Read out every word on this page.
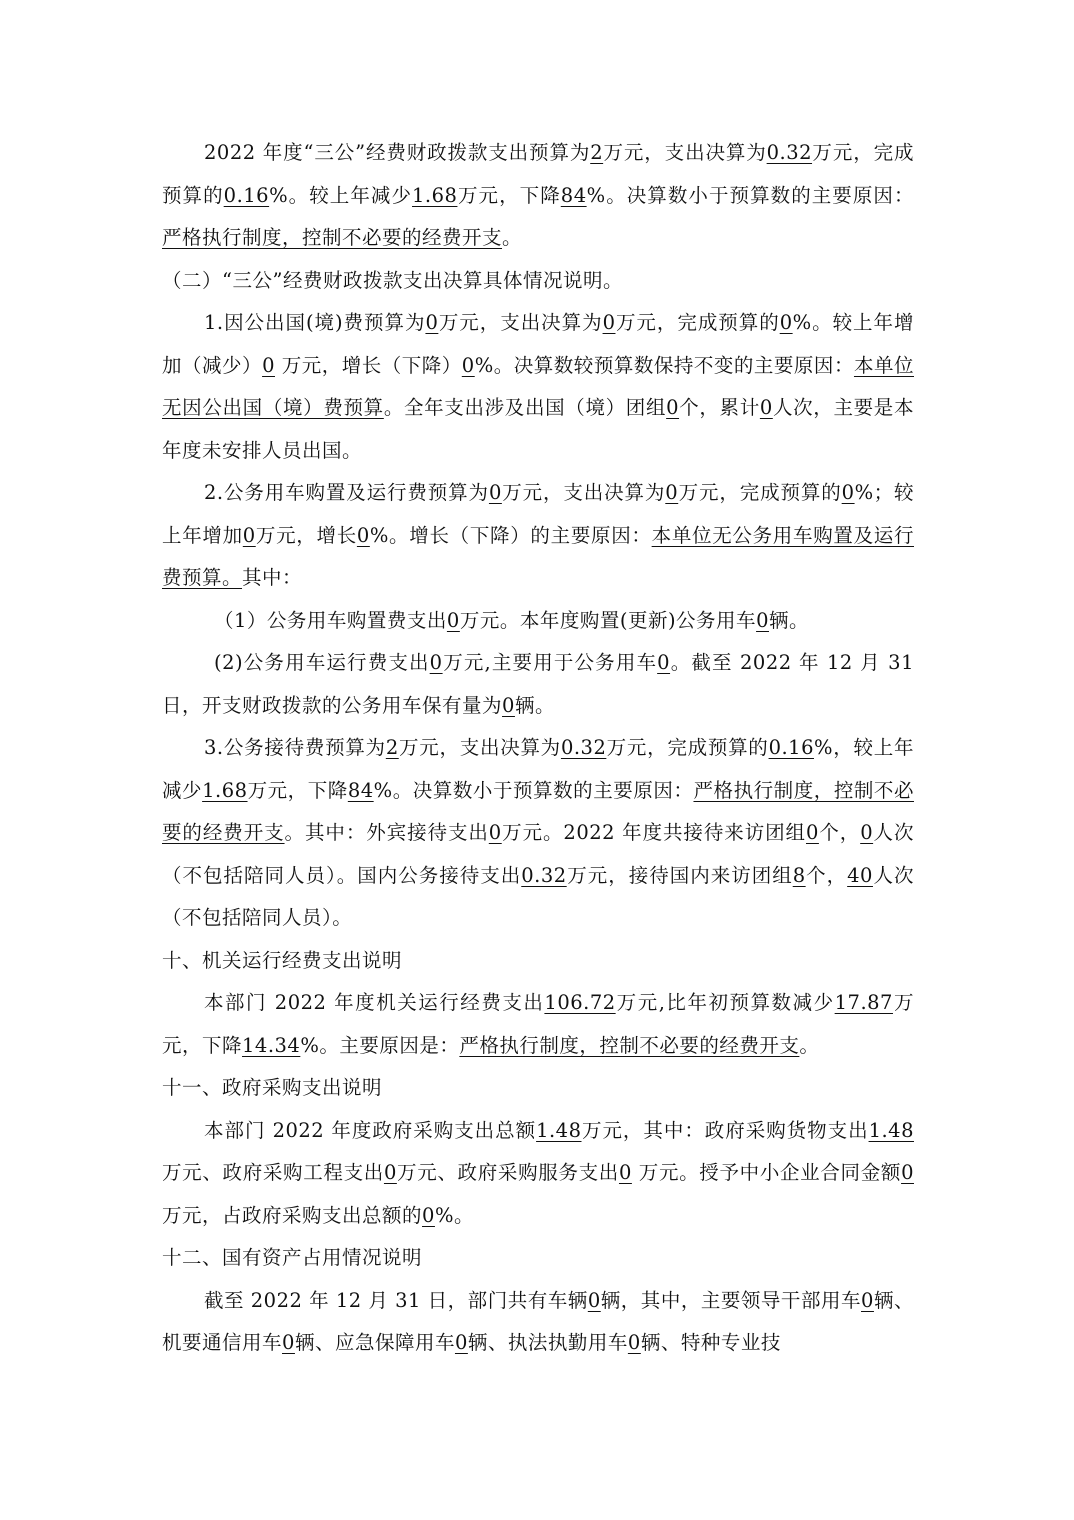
2022 年度“三公”经费财政拨款支出预算为2万元，支出决算为0.32万元，完成预算的0.16%。较上年减少1.68万元，下降84%。决算数小于预算数的主要原因：严格执行制度，控制不必要的经费开支。

（二）“三公”经费财政拨款支出决算具体情况说明。

1.因公出国(境)费预算为0万元，支出决算为0万元，完成预算的0%。较上年增加（减少）0 万元，增长（下降）0%。决算数较预算数保持不变的主要原因：本单位无因公出国（境）费预算。全年支出涉及出国（境）团组0个，累计0人次，主要是本年度未安排人员出国。

2.公务用车购置及运行费预算为0万元，支出决算为0万元，完成预算的0%；较上年增加0万元，增长0%。增长（下降）的主要原因：本单位无公务用车购置及运行费预算。其中：

（1）公务用车购置费支出0万元。本年度购置(更新)公务用车0辆。

(2)公务用车运行费支出0万元,主要用于公务用车0。截至 2022 年 12 月 31 日，开支财政拨款的公务用车保有量为0辆。

3.公务接待费预算为2万元，支出决算为0.32万元，完成预算的0.16%，较上年减少1.68万元，下降84%。决算数小于预算数的主要原因：严格执行制度，控制不必要的经费开支。其中：外宾接待支出0万元。2022 年度共接待来访团组0个，0人次（不包括陪同人员）。国内公务接待支出0.32万元，接待国内来访团组8个，40人次（不包括陪同人员）。

十、机关运行经费支出说明

本部门 2022 年度机关运行经费支出106.72万元,比年初预算数减少17.87万元，下降14.34%。主要原因是：严格执行制度，控制不必要的经费开支。

十一、政府采购支出说明

本部门 2022 年度政府采购支出总额1.48万元，其中：政府采购货物支出1.48万元、政府采购工程支出0万元、政府采购服务支出0 万元。授予中小企业合同金额0万元，占政府采购支出总额的0%。

十二、国有资产占用情况说明

截至 2022 年 12 月 31 日，部门共有车辆0辆，其中，主要领导干部用车0辆、机要通信用车0辆、应急保障用车0辆、执法执勤用车0辆、特种专业技
